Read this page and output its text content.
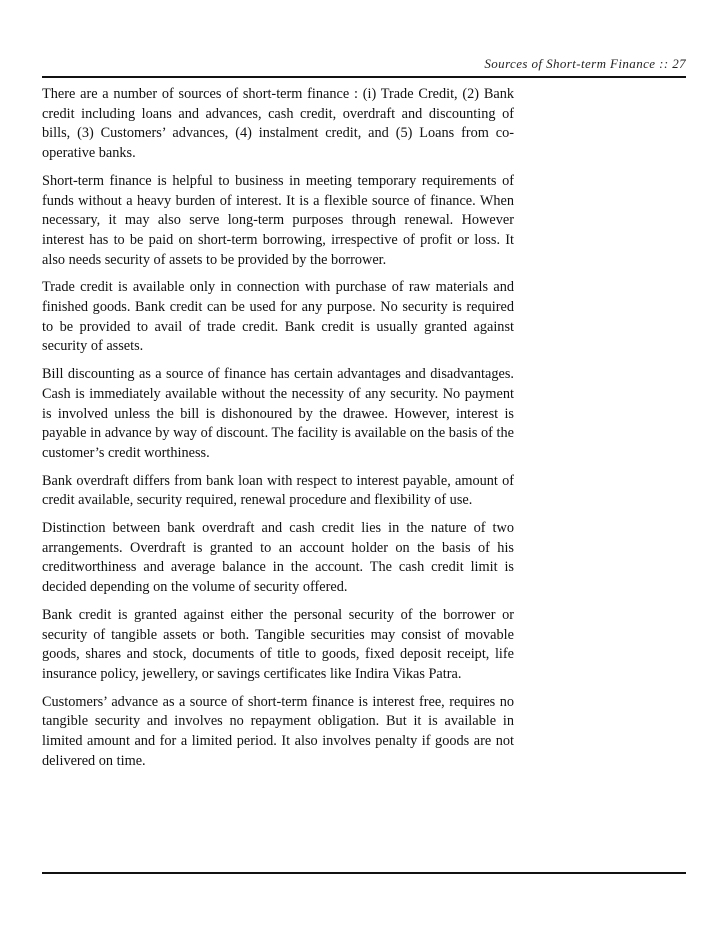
Sources of Short-term Finance :: 27

There are a number of sources of short-term finance : (i) Trade Credit, (2) Bank credit including loans and advances, cash credit, overdraft and discounting of bills, (3) Customers’ advances, (4) instalment credit, and (5) Loans from co-operative banks.

Short-term finance is helpful to business in meeting temporary requirements of funds without a heavy burden of interest. It is a flexible source of finance. When necessary, it may also serve long-term purposes through renewal. However interest has to be paid on short-term borrowing, irrespective of profit or loss. It also needs security of assets to be provided by the borrower.

Trade credit is available only in connection with purchase of raw materials and finished goods. Bank credit can be used for any purpose. No security is required to be provided to avail of trade credit. Bank credit is usually granted against security of assets.

Bill discounting as a source of finance has certain advantages and disadvantages. Cash is immediately available without the necessity of any security. No payment is involved unless the bill is dishonoured by the drawee. However, interest is payable in advance by way of discount. The facility is available on the basis of the customer’s credit worthiness.

Bank overdraft differs from bank loan with respect to interest payable, amount of credit available, security required, renewal procedure and flexibility of use.

Distinction between bank overdraft and cash credit lies in the nature of two arrangements. Overdraft is granted to an account holder on the basis of his creditworthiness and average balance in the account. The cash credit limit is decided depending on the volume of security offered.

Bank credit is granted against either the personal security of the borrower or security of tangible assets or both. Tangible securities may consist of movable goods, shares and stock, documents of title to goods, fixed deposit receipt, life insurance policy, jewellery, or savings certificates like Indira Vikas Patra.

Customers’ advance as a source of short-term finance is interest free, requires no tangible security and involves no repayment obligation. But it is available in limited amount and for a limited period. It also involves penalty if goods are not delivered on time.
